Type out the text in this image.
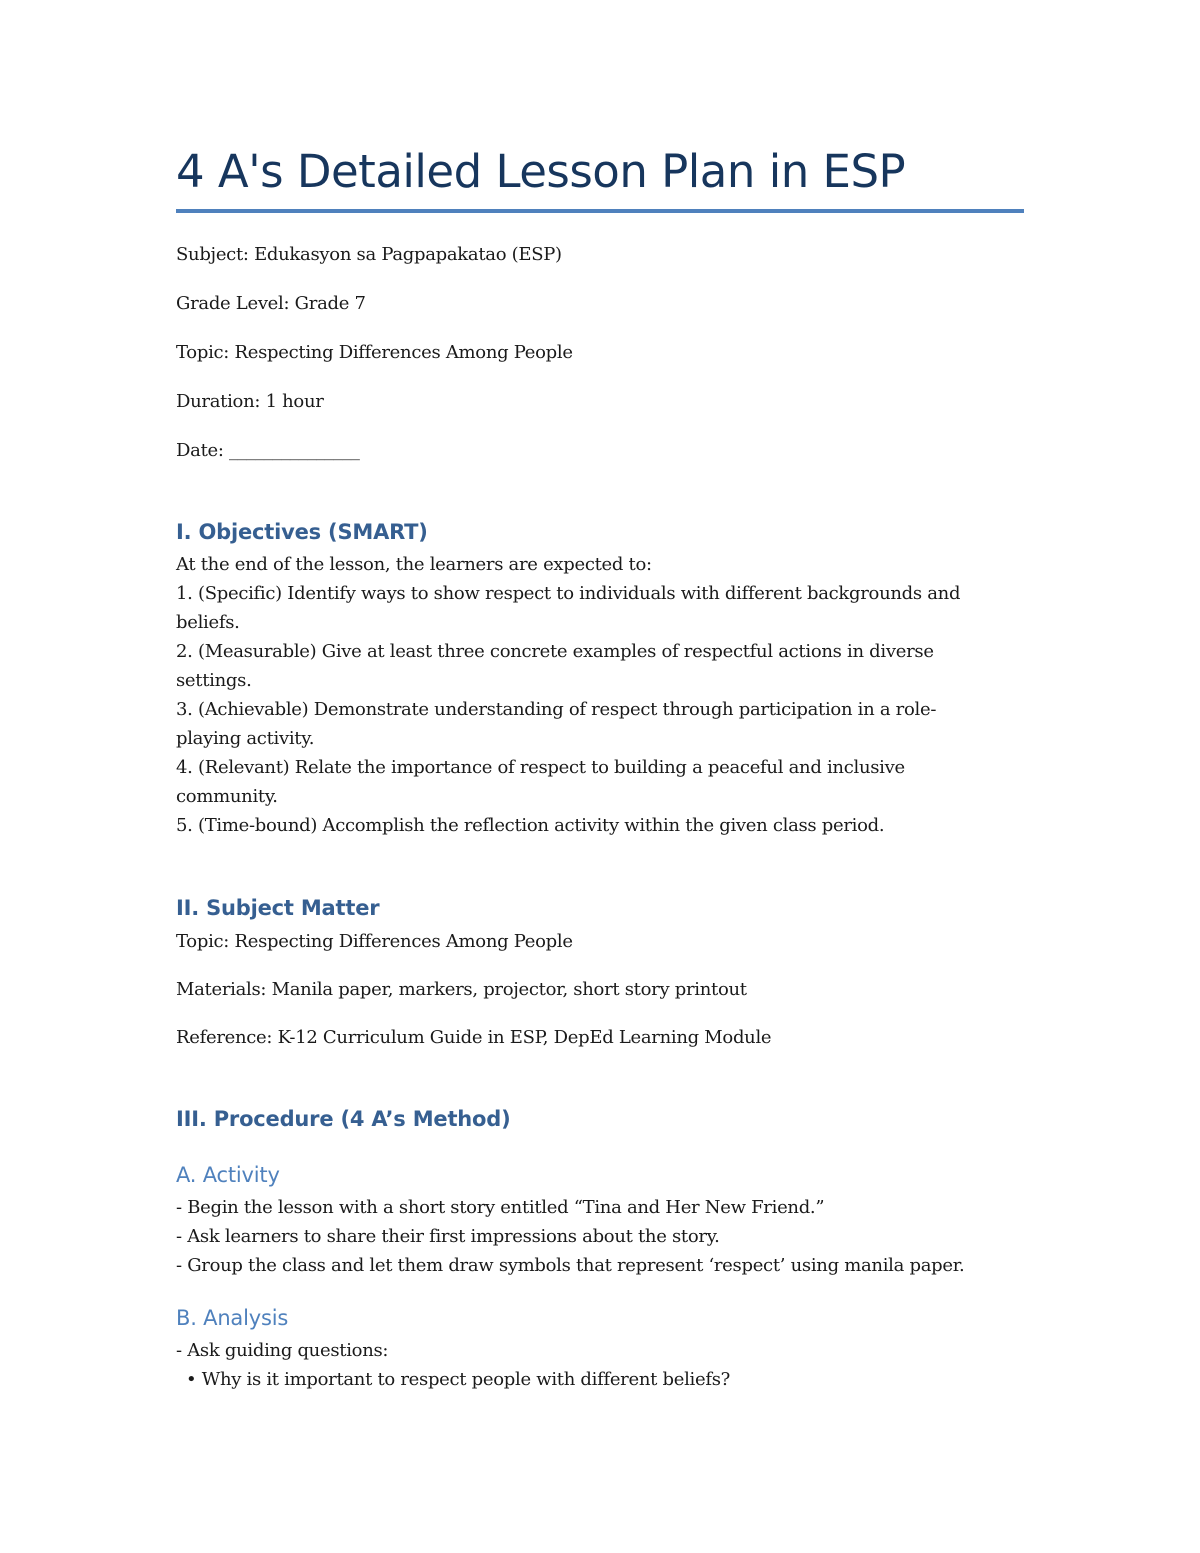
4 A's Detailed Lesson Plan in ESP

Subject: Edukasyon sa Pagpapakatao (ESP)

Grade Level: Grade 7

Topic: Respecting Differences Among People

Duration: 1 hour

Date: _______________

I. Objectives (SMART)

At the end of the lesson, the learners are expected to:

1. (Specific) Identify ways to show respect to individuals with different backgrounds and

beliefs.

2. (Measurable) Give at least three concrete examples of respectful actions in diverse

settings.

3. (Achievable) Demonstrate understanding of respect through participation in a role-

playing activity.

4. (Relevant) Relate the importance of respect to building a peaceful and inclusive

community.

5. (Time-bound) Accomplish the reflection activity within the given class period.

II. Subject Matter

Topic: Respecting Differences Among People

Materials: Manila paper, markers, projector, short story printout

Reference: K-12 Curriculum Guide in ESP, DepEd Learning Module

III. Procedure (4 A’s Method)
A. Activity

- Begin the lesson with a short story entitled “Tina and Her New Friend.”

- Ask learners to share their first impressions about the story.

- Group the class and let them draw symbols that represent ‘respect’ using manila paper.

B. Analysis

- Ask guiding questions:

• Why is it important to respect people with different beliefs?
